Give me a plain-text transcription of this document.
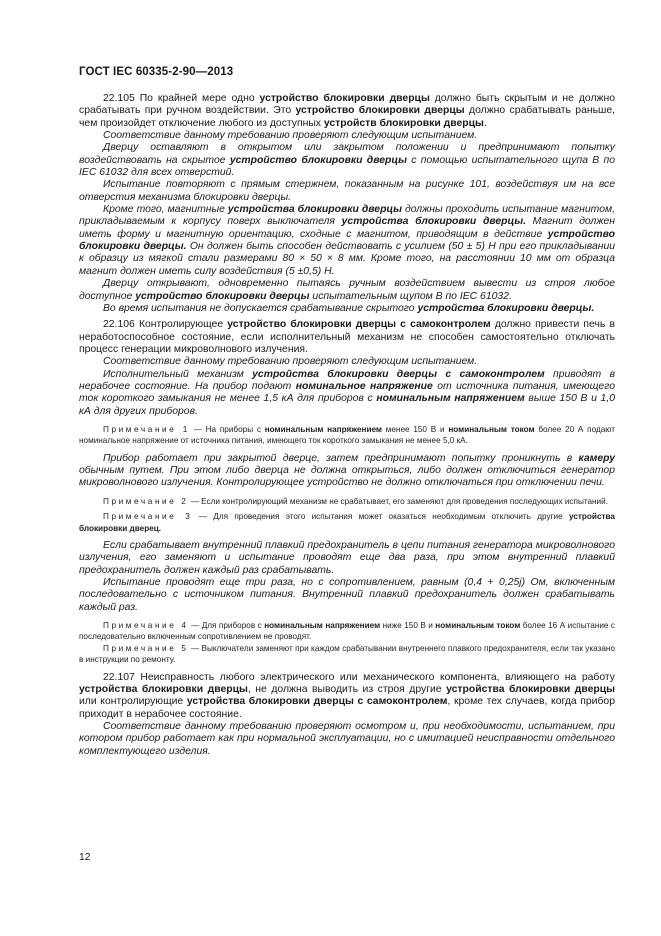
ГОСТ IEC 60335-2-90—2013

22.105 По крайней мере одно устройство блокировки дверцы должно быть скрытым и не должно срабатывать при ручном воздействии. Это устройство блокировки дверцы должно срабатывать раньше, чем произойдет отключение любого из доступных устройств блокировки дверцы.

Соответствие данному требованию проверяют следующим испытанием.

Дверцу оставляют в открытом или закрытом положении и предпринимают попытку воздействовать на скрытое устройство блокировки дверцы с помощью испытательного щупа В по IEC 61032 для всех отверстий.

Испытание повторяют с прямым стержнем, показанным на рисунке 101, воздействуя им на все отверстия механизма блокировки дверцы.

Кроме того, магнитные устройства блокировки дверцы должны проходить испытание магнитом, прикладываемым к корпусу поверх выключателя устройства блокировки дверцы. Магнит должен иметь форму и магнитную ориентацию, сходные с магнитом, приводящим в действие устройство блокировки дверцы. Он должен быть способен действовать с усилием (50 ± 5) Н при его прикладывании к образцу из мягкой стали размерами 80 × 50 × 8 мм. Кроме того, на расстоянии 10 мм от образца магнит должен иметь силу воздействия (5 ±0,5) Н.

Дверцу открывают, одновременно пытаясь ручным воздействием вывести из строя любое доступное устройство блокировки дверцы испытательным щупом В по IEC 61032.

Во время испытания не допускается срабатывание скрытого устройства блокировки дверцы.

22.106 Контролирующее устройство блокировки дверцы с самоконтролем должно привести печь в неработоспособное состояние, если исполнительный механизм не способен самостоятельно отключать процесс генерации микроволнового излучения.

Соответствие данному требованию проверяют следующим испытанием.

Исполнительный механизм устройства блокировки дверцы с самоконтролем приводят в нерабочее состояние. На прибор подают номинальное напряжение от источника питания, имеющего ток короткого замыкания не менее 1,5 кА для приборов с номинальным напряжением выше 150 В и 1,0 кА для других приборов.

Примечание 1 — На приборы с номинальным напряжением менее 150 В и номинальным током более 20 А подают номинальное напряжение от источника питания, имеющего ток короткого замыкания не менее 5,0 кА.

Прибор работает при закрытой дверце, затем предпринимают попытку проникнуть в камеру обычным путем. При этом либо дверца не должна открыться, либо должен отключиться генератор микроволнового излучения. Контролирующее устройство не должно отключаться при отключении печи.

Примечание 2 — Если контролирующий механизм не срабатывает, его заменяют для проведения последующих испытаний.

Примечание 3 — Для проведения этого испытания может оказаться необходимым отключить другие устройства блокировки дверец.

Если срабатывает внутренний плавкий предохранитель в цепи питания генератора микроволнового излучения, его заменяют и испытание проводят еще два раза, при этом внутренний плавкий предохранитель должен каждый раз срабатывать.

Испытание проводят еще три раза, но с сопротивлением, равным (0,4 + 0,25j) Ом, включенным последовательно с источником питания. Внутренний плавкий предохранитель должен срабатывать каждый раз.

Примечание 4 — Для приборов с номинальным напряжением ниже 150 В и номинальным током более 16 А испытание с последовательно включенным сопротивлением не проводят.

Примечание 5 — Выключатели заменяют при каждом срабатывании внутреннего плавкого предохранителя, если так указано в инструкции по ремонту.

22.107 Неисправность любого электрического или механического компонента, влияющего на работу устройства блокировки дверцы, не должна выводить из строя другие устройства блокировки дверцы или контролирующие устройства блокировки дверцы с самоконтролем, кроме тех случаев, когда прибор приходит в нерабочее состояние.

Соответствие данному требованию проверяют осмотром и, при необходимости, испытанием, при котором прибор работает как при нормальной эксплуатации, но с имитацией неисправности отдельного комплектующего изделия.

12
